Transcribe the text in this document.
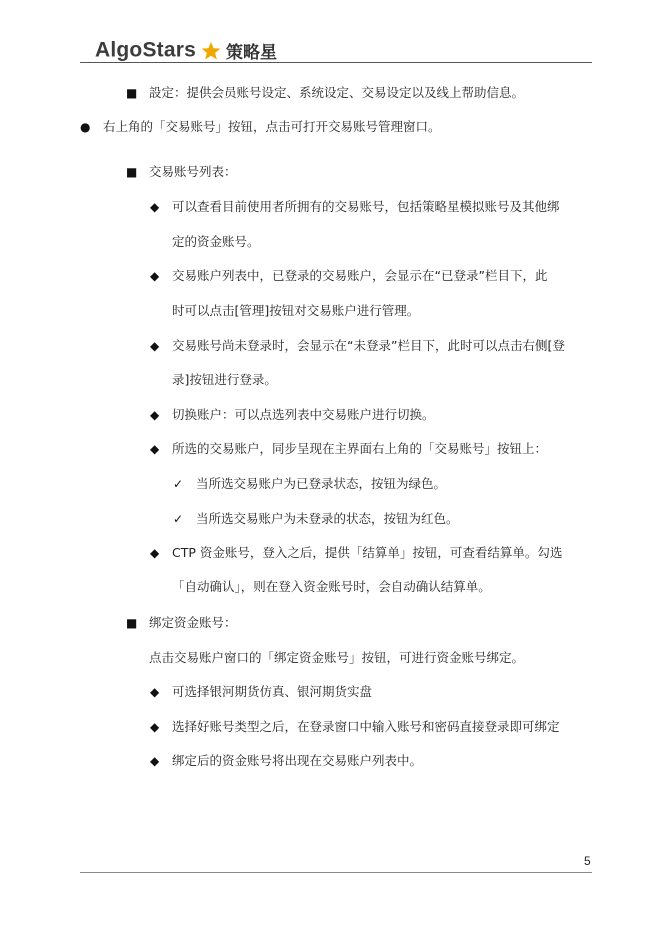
AlgoStars 策略星
■ 設定：提供会员账号设定、系统设定、交易设定以及线上帮助信息。
● 右上角的「交易账号」按钮，点击可打开交易账号管理窗口。
■ 交易账号列表：
◆ 可以查看目前使用者所拥有的交易账号，包括策略星模拟账号及其他绑
定的资金账号。
◆ 交易账户列表中，已登录的交易账户，会显示在“已登录”栏目下，此
时可以点击[管理]按钮对交易账户进行管理。
◆ 交易账号尚未登录时，会显示在“未登录”栏目下，此时可以点击右侧[登
录]按钮进行登录。
◆ 切换账户：可以点选列表中交易账户进行切换。
◆ 所选的交易账户，同步呈现在主界面右上角的「交易账号」按钮上：
✓ 当所选交易账户为已登录状态，按钮为绿色。
✓ 当所选交易账户为未登录的状态，按钮为红色。
◆ CTP 资金账号，登入之后，提供「结算单」按钮，可查看结算单。勾选
「自动确认」，则在登入资金账号时，会自动确认结算单。
■ 绑定资金账号：
点击交易账户窗口的「绑定资金账号」按钮，可进行资金账号绑定。
◆ 可选择银河期货仿真、银河期货实盘
◆ 选择好账号类型之后，在登录窗口中输入账号和密码直接登录即可绑定
◆ 绑定后的资金账号将出现在交易账户列表中。
5
